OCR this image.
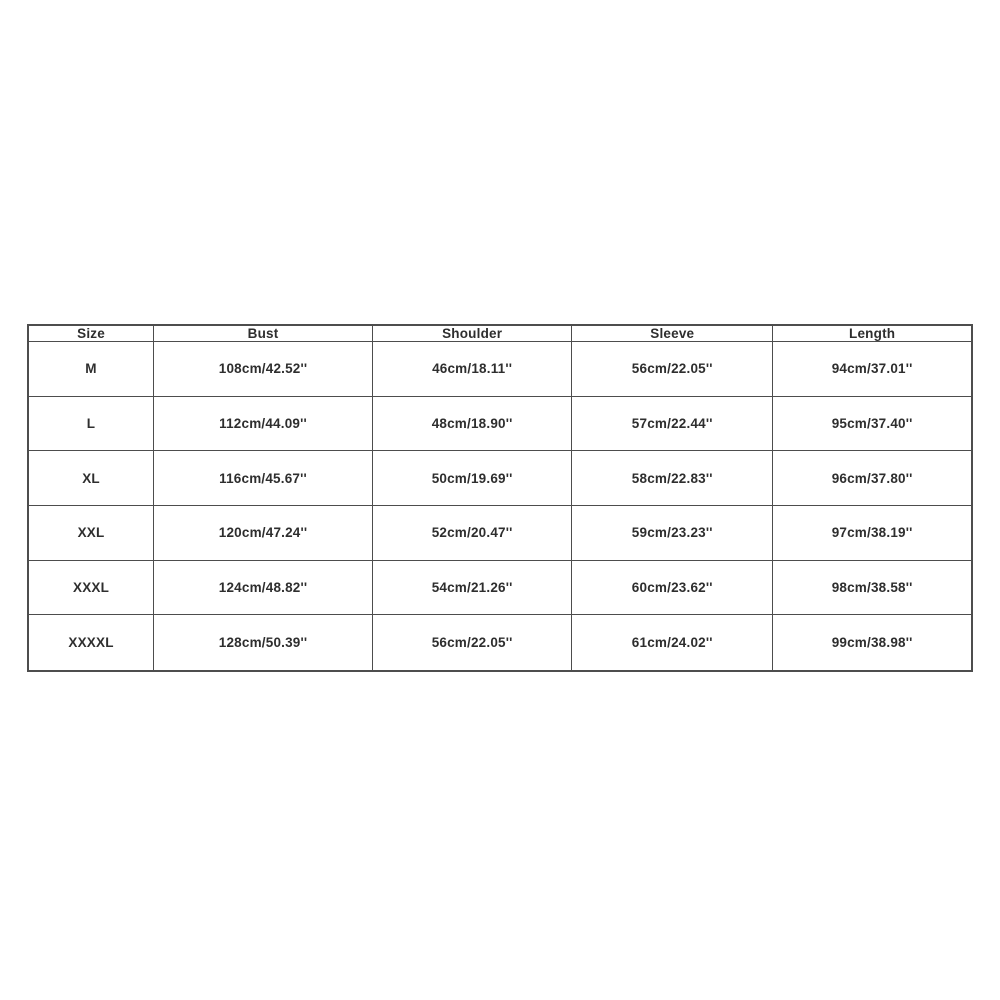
Size	Bust	Shoulder	Sleeve	Length
M	108cm/42.52''	46cm/18.11''	56cm/22.05''	94cm/37.01''
L	112cm/44.09''	48cm/18.90''	57cm/22.44''	95cm/37.40''
XL	116cm/45.67''	50cm/19.69''	58cm/22.83''	96cm/37.80''
XXL	120cm/47.24''	52cm/20.47''	59cm/23.23''	97cm/38.19''
XXXL	124cm/48.82''	54cm/21.26''	60cm/23.62''	98cm/38.58''
XXXXL	128cm/50.39''	56cm/22.05''	61cm/24.02''	99cm/38.98''
